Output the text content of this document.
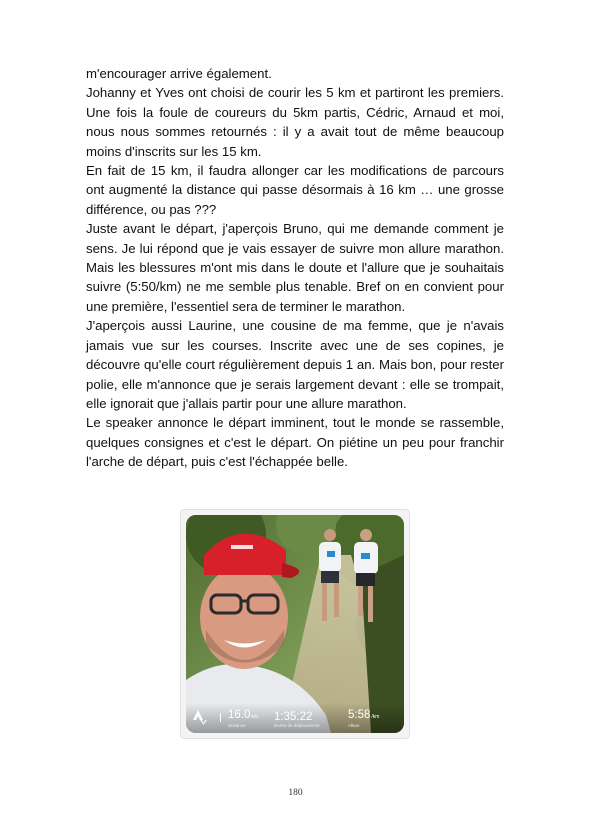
m'encourager arrive également.

Johanny et Yves ont choisi de courir les 5 km et partiront les premiers. Une fois la foule de coureurs du 5km partis, Cédric, Arnaud et moi, nous nous sommes retournés : il y a avait tout de même beaucoup moins d'inscrits sur les 15 km.

En fait de 15 km, il faudra allonger car les modifications de parcours ont augmenté la distance qui passe désormais à 16 km … une grosse différence, ou pas ???

Juste avant le départ, j'aperçois Bruno, qui me demande comment je sens. Je lui répond que je vais essayer de suivre mon allure marathon. Mais les blessures m'ont mis dans le doute et l'allure que je souhaitais suivre (5:50/km) ne me semble plus tenable. Bref on en convient pour une première, l'essentiel sera de terminer le marathon.

J'aperçois aussi Laurine, une cousine de ma femme, que je n'avais jamais vue sur les courses. Inscrite avec une de ses copines, je découvre qu'elle court régulièrement depuis 1 an. Mais bon, pour rester polie, elle m'annonce que je serais largement devant : elle se trompait, elle ignorait que j'allais partir pour une allure marathon.

Le speaker annonce le départ imminent, tout le monde se rassemble, quelques consignes et c'est le départ. On piétine un peu pour franchir l'arche de départ, puis c'est l'échappée belle.

16.0km
Distance
1:35:22
Durée de déplacement
5:58/km
Allure
180
